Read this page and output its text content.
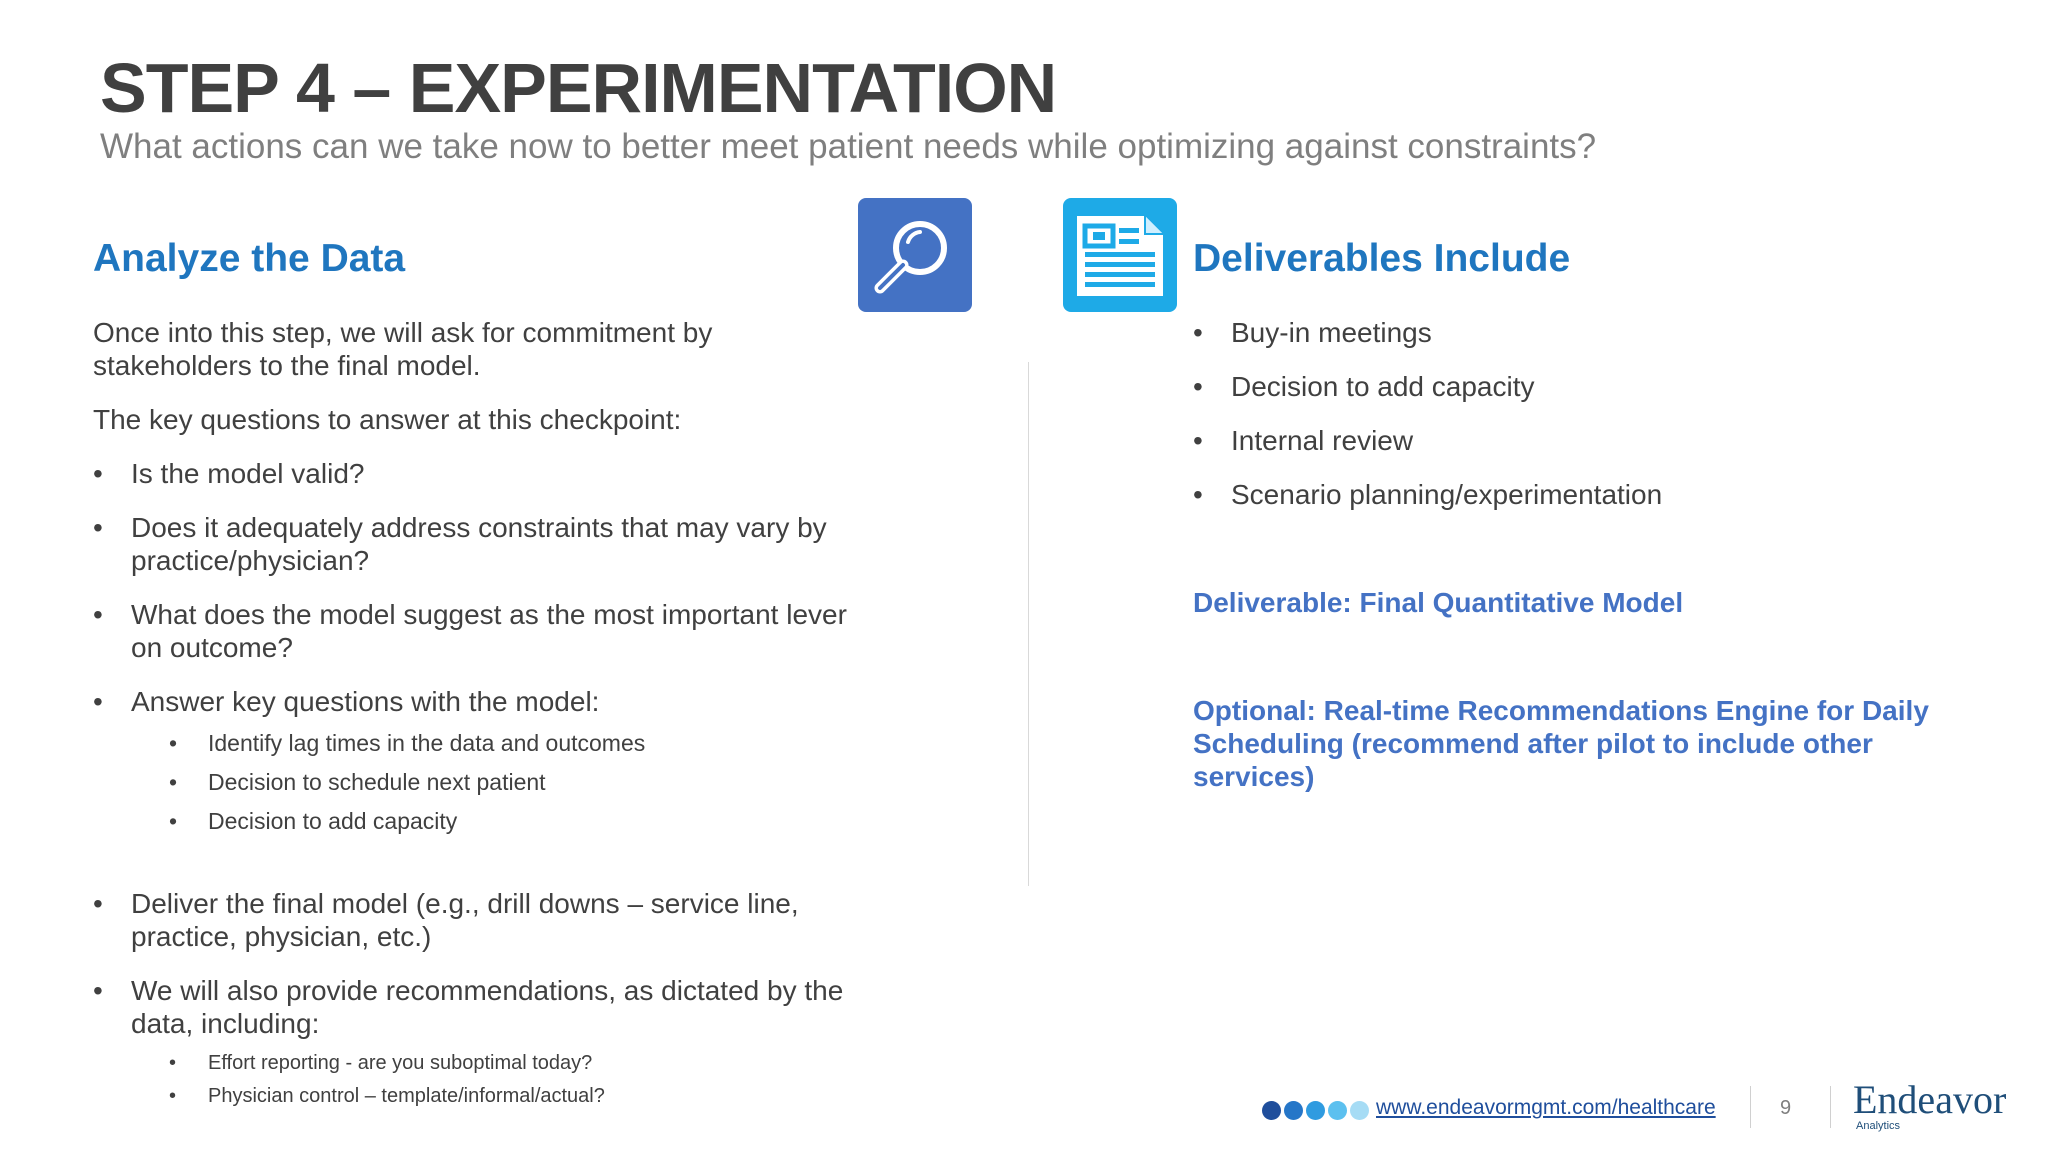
STEP 4 – EXPERIMENTATION

What actions can we take now to better meet patient needs while optimizing against constraints?

Analyze the Data	Deliverables Include

Once into this step, we will ask for commitment by stakeholders to the final model.

The key questions to answer at this checkpoint:

• Is the model valid?
• Does it adequately address constraints that may vary by practice/physician?
• What does the model suggest as the most important lever on outcome?
• Answer key questions with the model:
• Identify lag times in the data and outcomes
• Decision to schedule next patient
• Decision to add capacity
• Deliver the final model (e.g., drill downs – service line, practice, physician, etc.)
• We will also provide recommendations, as dictated by the data, including:
• Effort reporting - are you suboptimal today?
• Physician control – template/informal/actual?
• Buy-in meetings
• Decision to add capacity
• Internal review
• Scenario planning/experimentation

Deliverable: Final Quantitative Model

Optional: Real-time Recommendations Engine for Daily Scheduling (recommend after pilot to include other services)

www.endeavormgmt.com/healthcare	9 Endeavor
Analytics
